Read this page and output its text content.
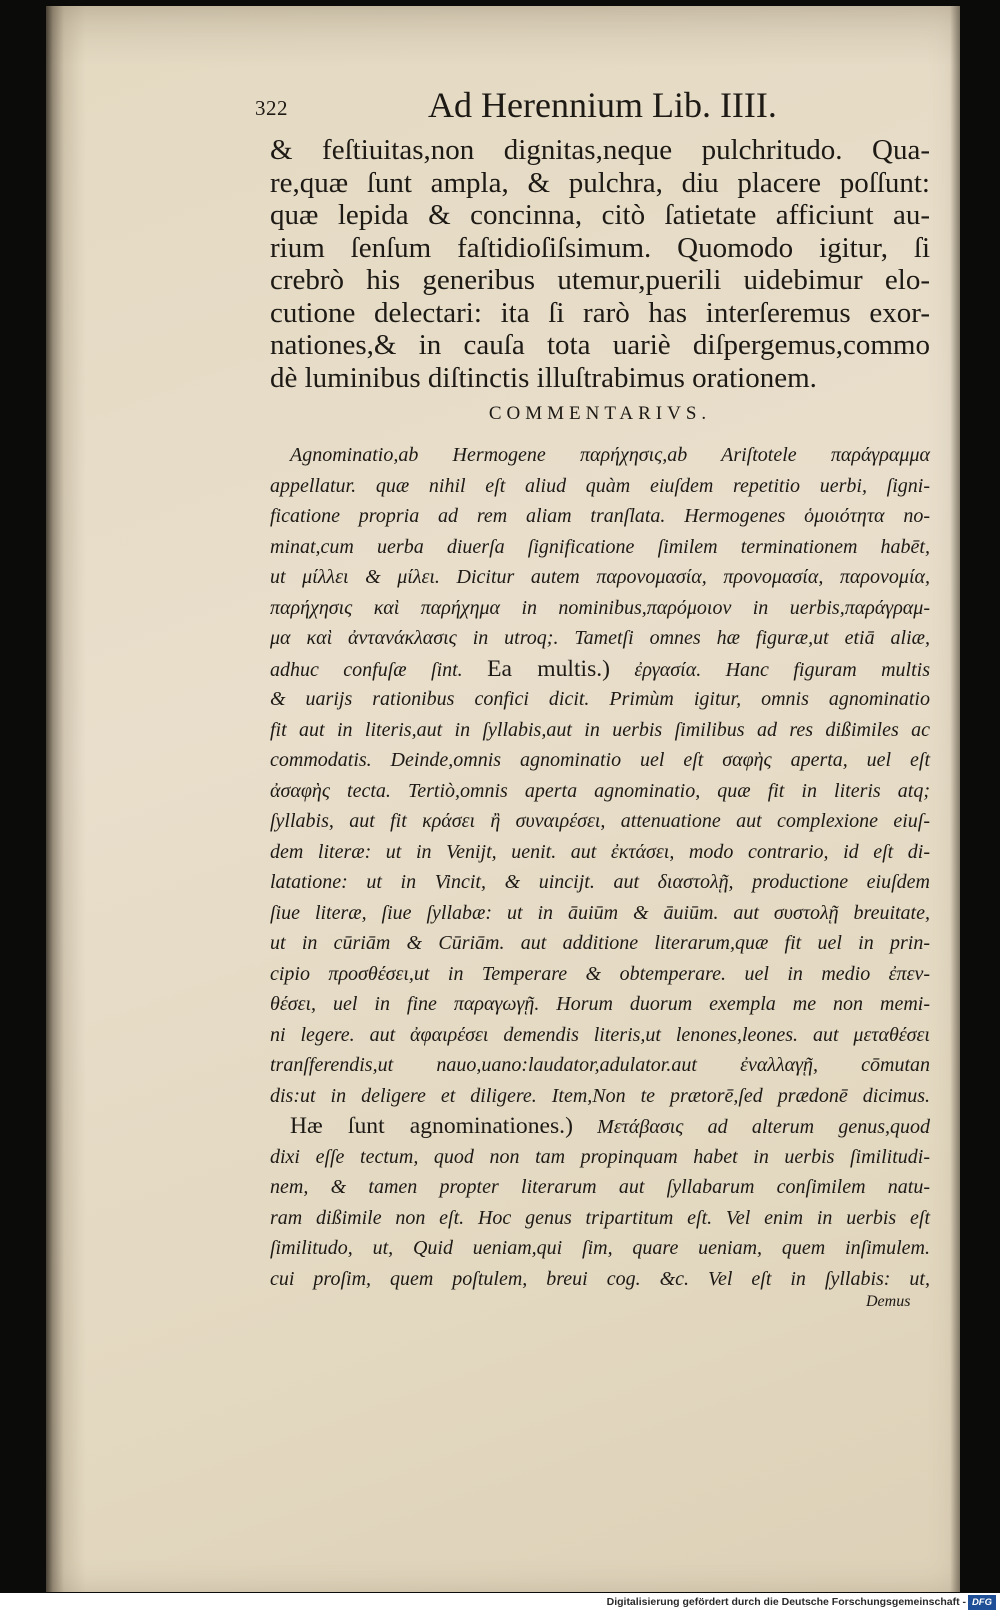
322	Ad Herennium Lib. IIII.
& feſtiuitas,non dignitas,neque pulchritudo. Qua-
re,quæ ſunt ampla, & pulchra, diu placere poſſunt:
quæ lepida & concinna, citò ſatietate afficiunt au-
rium ſenſum faſtidioſiſsimum. Quomodo igitur, ſi
crebrò his generibus utemur,puerili uidebimur elo-
cutione delectari: ita ſi rarò has interſeremus exor-
nationes,& in cauſa tota uariè diſpergemus,commo
dè luminibus diſtinctis illuſtrabimus orationem.
COMMENTARIVS.
Agnominatio,ab Hermogene παρήχησις,ab Ariſtotele παράγραμμα
appellatur. quæ nihil eſt aliud quàm eiuſdem repetitio uerbi, ſigni-
ficatione propria ad rem aliam tranſlata. Hermogenes ὁμοιότητα no-
minat,cum uerba diuerſa ſignificatione ſimilem terminationem habēt,
ut μίλλει & μίλει. Dicitur autem παρονομασία, προνομασία, παρονομία,
παρήχησις καὶ παρήχημα in nominibus,παρόμοιον in uerbis,παράγραμ-
μα καὶ ἀντανάκλασις in utroq;. Tametſi omnes hæ figuræ,ut etiā aliæ,
adhuc confuſæ ſint. Ea multis.) ἐργασία. Hanc figuram multis
& uarijs rationibus confici dicit. Primùm igitur, omnis agnominatio
fit aut in literis,aut in ſyllabis,aut in uerbis ſimilibus ad res dißimiles ac
commodatis. Deinde,omnis agnominatio uel eſt σαφὴς aperta, uel eſt
ἀσαφὴς tecta. Tertiò,omnis aperta agnominatio, quæ fit in literis atq;
ſyllabis, aut fit κράσει ἢ συναιρέσει, attenuatione aut complexione eiuſ-
dem literæ: ut in Venijt, uenit. aut ἐκτάσει, modo contrario, id eſt di-
latatione: ut in Vincit, & uincijt. aut διαστολῇ, productione eiuſdem
ſiue literæ, ſiue ſyllabæ: ut in āuiūm & āuiūm. aut συστολῇ breuitate,
ut in cūriām & Cūriām. aut additione literarum,quæ fit uel in prin-
cipio προσθέσει,ut in Temperare & obtemperare. uel in medio ἐπεν-
θέσει, uel in fine παραγωγῇ. Horum duorum exempla me non memi-
ni legere. aut ἀφαιρέσει demendis literis,ut lenones,leones. aut μεταθέσει
tranſferendis,ut nauo,uano:laudator,adulator.aut ἐναλλαγῇ, cōmutan
dis:ut in deligere et diligere. Item,Non te prætorē,ſed prædonē dicimus.
Hæ ſunt agnominationes.) Μετάβασις ad alterum genus,quod
dixi eſſe tectum, quod non tam propinquam habet in uerbis ſimilitudi-
nem, & tamen propter literarum aut ſyllabarum conſimilem natu-
ram dißimile non eſt. Hoc genus tripartitum eſt. Vel enim in uerbis eſt
ſimilitudo, ut, Quid ueniam,qui ſim, quare ueniam, quem inſimulem.
cui proſim, quem poſtulem, breui cog. &c. Vel eſt in ſyllabis: ut,
Demus
Digitalisierung gefördert durch die Deutsche Forschungsgemeinschaft - DFG
